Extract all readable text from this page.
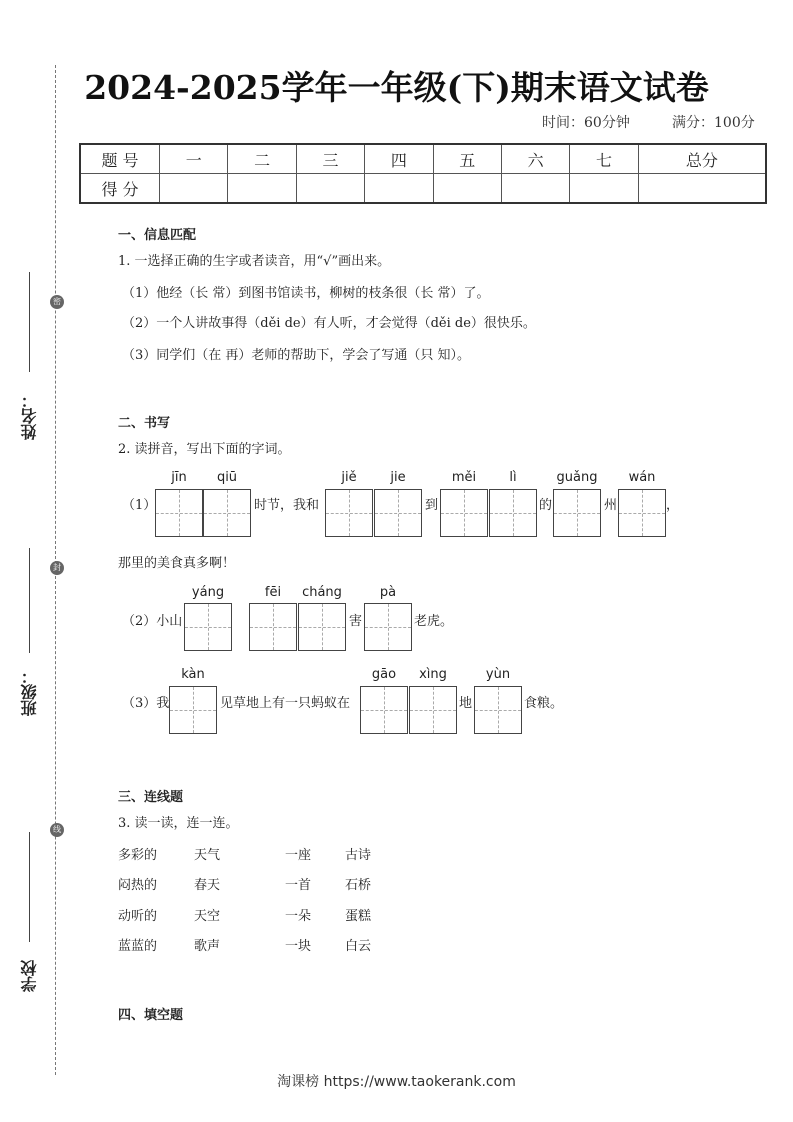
2024-2025学年一年级(下)期末语文试卷
时间：60分钟	满分：100分
题 号	一	二	三	四	五	六	七	总分
得 分								
姓名：
班级：
学校
密
封
线
一、信息匹配
1. 一选择正确的生字或者读音，用“√”画出来。
（1）他经（长 常）到图书馆读书，柳树的枝条很（长 常）了。
（2）一个人讲故事得（děi de）有人听，才会觉得（děi de）很快乐。
（3）同学们（在 再）老师的帮助下，学会了写通（只 知）。
二、书写
2. 读拼音，写出下面的字词。
（1）
jīn	qiū
时节，我和
jiě	jie
到
měi	lì
的
guǎng
州
wán
，
那里的美食真多啊！
（2）小山
yáng	fēi	cháng
害
pà
老虎。
（3）我
kàn
见草地上有一只蚂蚁在
gāo	xìng
地
yùn
食粮。
三、连线题
3. 读一读，连一连。
多彩的	天气	一座	古诗
闷热的	春天	一首	石桥
动听的	天空	一朵	蛋糕
蓝蓝的	歌声	一块	白云
四、填空题
淘课榜 https://www.taokerank.com
